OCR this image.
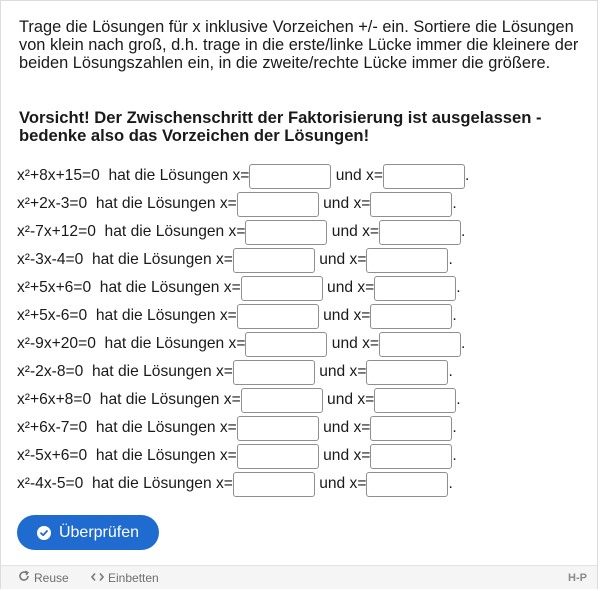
Trage die Lösungen für x inklusive Vorzeichen +/- ein. Sortiere die Lösungen von klein nach groß, d.h. trage in die erste/linke Lücke immer die kleinere der beiden Lösungszahlen ein, in die zweite/rechte Lücke immer die größere.
Vorsicht! Der Zwischenschritt der Faktorisierung ist ausgelassen - bedenke also das Vorzeichen der Lösungen!
x²+8x+15=0 hat die Lösungen x=	und x=	.
x²+2x-3=0 hat die Lösungen x=	und x=	.
x²-7x+12=0 hat die Lösungen x=	und x=	.
x²-3x-4=0 hat die Lösungen x=	und x=	.
x²+5x+6=0 hat die Lösungen x=	und x=	.
x²+5x-6=0 hat die Lösungen x=	und x=	.
x²-9x+20=0 hat die Lösungen x=	und x=	.
x²-2x-8=0 hat die Lösungen x=	und x=	.
x²+6x+8=0 hat die Lösungen x=	und x=	.
x²+6x-7=0 hat die Lösungen x=	und x=	.
x²-5x+6=0 hat die Lösungen x=	und x=	.
x²-4x-5=0 hat die Lösungen x=	und x=	.
Überprüfen
Reuse	Einbetten	H-P
